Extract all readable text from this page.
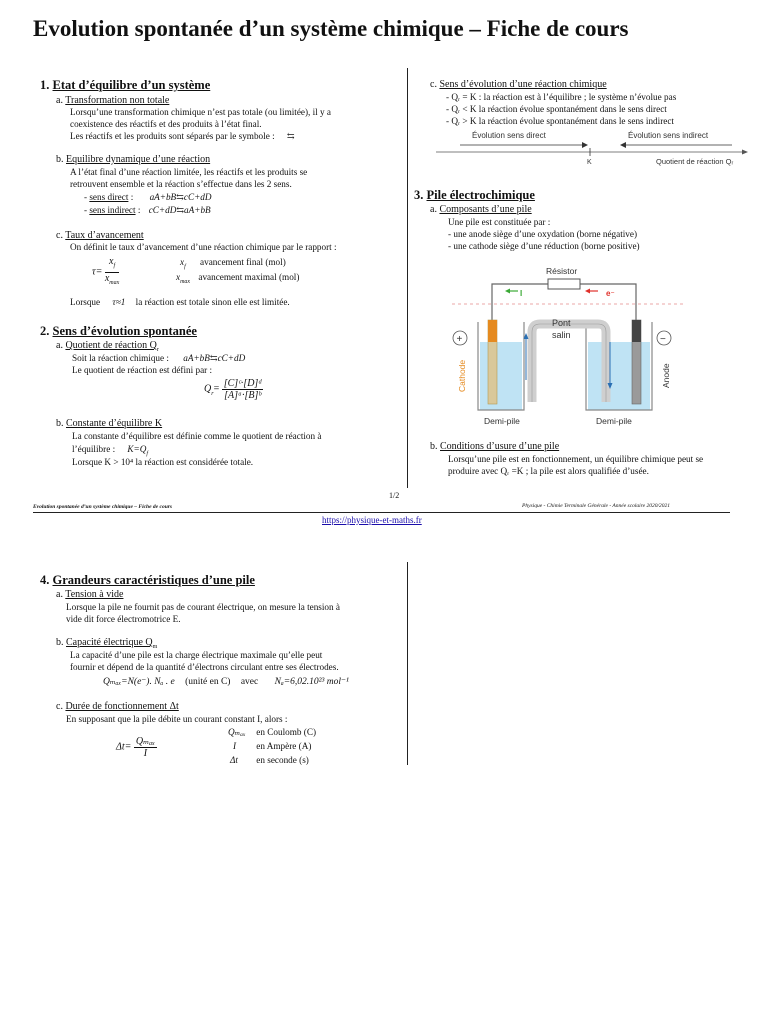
Evolution spontanée d’un système chimique – Fiche de cours
1. Etat d’équilibre d’un système
a. Transformation non totale
Lorsqu’une transformation chimique n’est pas totale (ou limitée), il y a
coexistence des réactifs et des produits à l’état final.
Les réactifs et les produits sont séparés par le symbole : ⇆
b. Equilibre dynamique d’une réaction
A l’état final d’une réaction limitée, les réactifs et les produits se
retrouvent ensemble et la réaction s’effectue dans les 2 sens.
- sens direct : aA+bB⇆cC+dD
- sens indirect : cC+dD⇆aA+bB
c. Taux d’avancement
On définit le taux d’avancement d’une réaction chimique par le rapport :
$\tau= \frac{x_f}{x_{max}}$	$x_f$ avancement final (mol)
$x_{max}$ avancement maximal (mol)
Lorsque τ≈1 la réaction est totale sinon elle est limitée.
2. Sens d’évolution spontanée
a. Quotient de réaction $Q_r$
Soit la réaction chimique : aA+bB⇆cC+dD
Le quotient de réaction est défini par :
$Q_r= \frac{\text{[C]ᶜ·[D]ᵈ}}{\text{[A]ᵃ·[B]ᵇ}}$
b. Constante d’équilibre K
La constante d’équilibre est définie comme le quotient de réaction à
l’équilibre : $K=Q_f$
Lorsque K > 10⁴ la réaction est considérée totale.
c. Sens d’évolution d’une réaction chimique
- Qᵣ = K : la réaction est à l’équilibre ; le système n’évolue pas
- Qᵣ < K la réaction évolue spontanément dans le sens direct
- Qᵣ > K la réaction évolue spontanément dans le sens indirect
Évolution sens direct	Évolution sens indirect
K	Quotient de réaction Qᵣ
3. Pile électrochimique
a. Composants d’une pile
Une pile est constituée par :
- une anode siège d’une oxydation (borne négative)
- une cathode siège d’une réduction (borne positive)
Résistor
I	e⁻
Pont
salin
+	−
Cathode	Anode
Demi-pile	Demi-pile
b. Conditions d’usure d’une pile
Lorsqu’une pile est en fonctionnement, un équilibre chimique peut se
produire avec Qᵣ =K ; la pile est alors qualifiée d’usée.
1/2
Evolution spontanée d’un système chimique – Fiche de cours	Physique - Chimie Terminale Générale - Année scolaire 2020/2021
https://physique-et-maths.fr
4. Grandeurs caractéristiques d’une pile
a. Tension à vide
Lorsque la pile ne fournit pas de courant électrique, on mesure la tension à
vide dit force électromotrice E.
b. Capacité électrique $Q_m$
La capacité d’une pile est la charge électrique maximale qu’elle peut
fournir et dépend de la quantité d’électrons circulant entre ses électrodes.
Qₘₐₓ=N(e⁻). Nₐ . e (unité en C) avec Nₐ=6,02.10²³ mol⁻¹
c. Durée de fonctionnement Δt
En supposant que la pile débite un courant constant I, alors :
$\Delta t= \frac{\text{Qₘₐₓ}}{I}$
Qₘₐₓ en Coulomb (C)
I en Ampère (A)
Δt en seconde (s)
